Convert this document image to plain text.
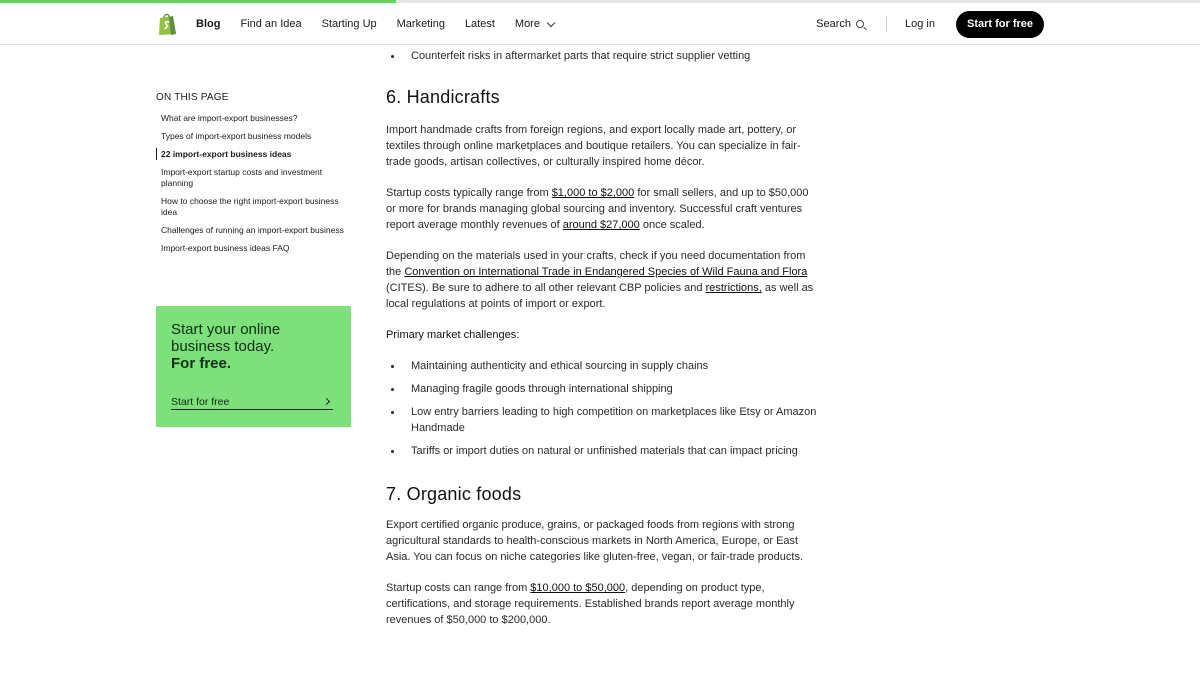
Blog Find an Idea Starting Up Marketing Latest More	Search	Log in	Start for free
ON THIS PAGE
What are import-export businesses?
Types of import-export business models
22 import-export business ideas
Import-export startup costs and investment planning
How to choose the right import-export business idea
Challenges of running an import-export business
Import-export business ideas FAQ
Start your online
business today.
For free.
Start for free
Counterfeit risks in aftermarket parts that require strict supplier vetting
6. Handicrafts

Import handmade crafts from foreign regions, and export locally made art, pottery, or textiles through online marketplaces and boutique retailers. You can specialize in fair-trade goods, artisan collectives, or culturally inspired home décor.

Startup costs typically range from $1,000 to $2,000 for small sellers, and up to $50,000 or more for brands managing global sourcing and inventory. Successful craft ventures report average monthly revenues of around $27,000 once scaled.

Depending on the materials used in your crafts, check if you need documentation from the Convention on International Trade in Endangered Species of Wild Fauna and Flora (CITES). Be sure to adhere to all other relevant CBP policies and restrictions, as well as local regulations at points of import or export.

Primary market challenges:

Maintaining authenticity and ethical sourcing in supply chains
Managing fragile goods through international shipping
Low entry barriers leading to high competition on marketplaces like Etsy or Amazon Handmade
Tariffs or import duties on natural or unfinished materials that can impact pricing
7. Organic foods

Export certified organic produce, grains, or packaged foods from regions with strong agricultural standards to health-conscious markets in North America, Europe, or East Asia. You can focus on niche categories like gluten-free, vegan, or fair-trade products.

Startup costs can range from $10,000 to $50,000, depending on product type, certifications, and storage requirements. Established brands report average monthly revenues of $50,000 to $200,000.
